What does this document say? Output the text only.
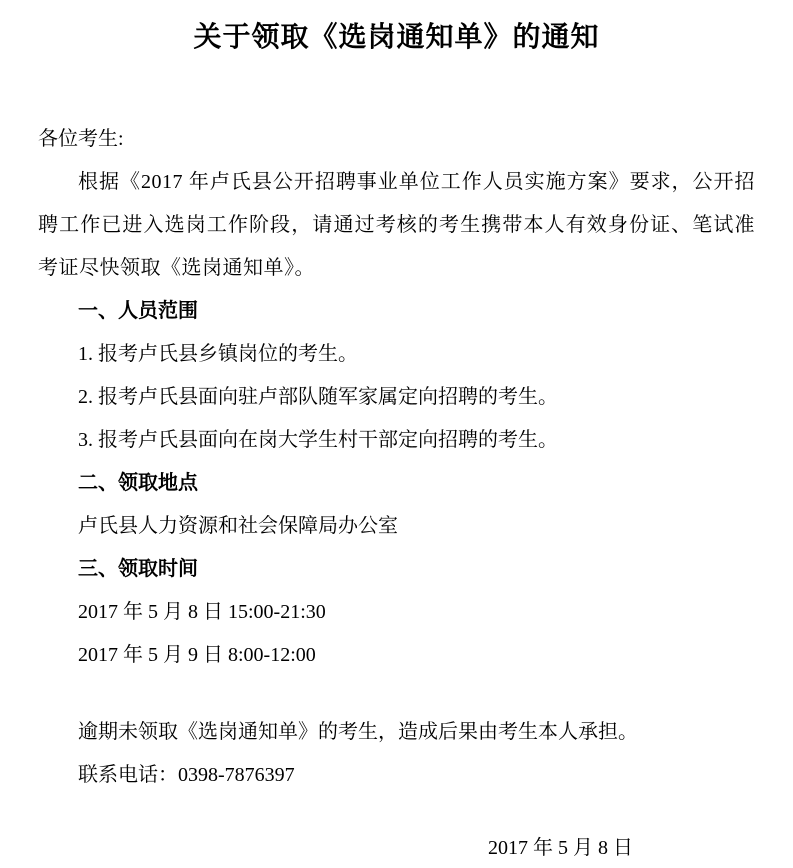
关于领取《选岗通知单》的通知

各位考生:

根据《2017 年卢氏县公开招聘事业单位工作人员实施方案》要求，公开招聘工作已进入选岗工作阶段，请通过考核的考生携带本人有效身份证、笔试准考证尽快领取《选岗通知单》。

一、人员范围

1. 报考卢氏县乡镇岗位的考生。

2. 报考卢氏县面向驻卢部队随军家属定向招聘的考生。

3. 报考卢氏县面向在岗大学生村干部定向招聘的考生。

二、领取地点

卢氏县人力资源和社会保障局办公室

三、领取时间

2017 年 5 月 8 日 15:00-21:30

2017 年 5 月 9 日 8:00-12:00

逾期未领取《选岗通知单》的考生，造成后果由考生本人承担。

联系电话：0398-7876397

2017 年 5 月 8 日
